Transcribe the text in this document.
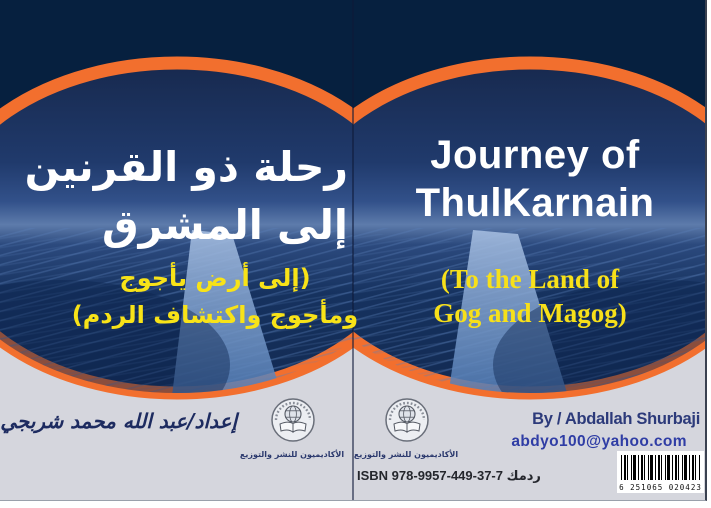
رحلة ذو القرنين
إلى المشرق
(إلى أرض يأجوج
ومأجوج واكتشاف الردم)
إعداد/عبد الله محمد شربجي
الأكاديميون للنشر والتوزيع
Journey of
ThulKarnain
(To the Land of
Gog and Magog)
الأكاديميون للنشر والتوزيع
By / Abdallah Shurbaji
abdyo100@yahoo.com
ISBN 978-9957-449-37-7 ردمك
6 251065 020423
